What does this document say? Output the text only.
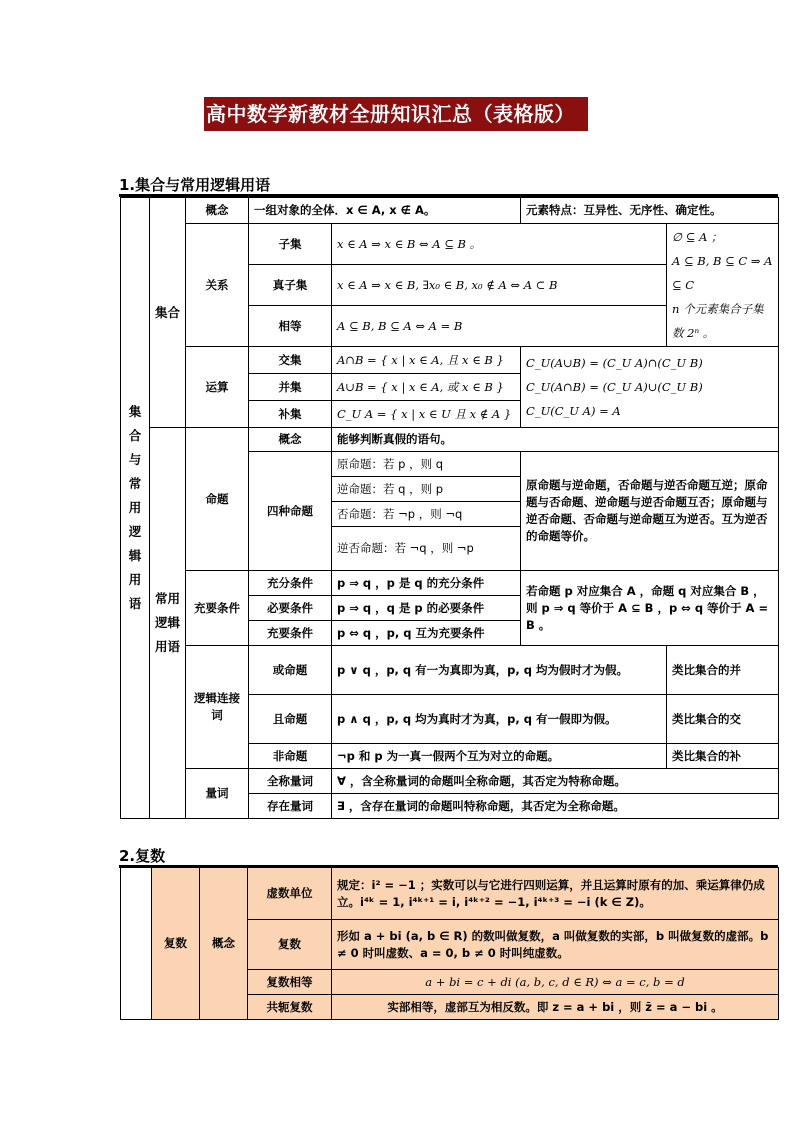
高中数学新教材全册知识汇总（表格版）
1.集合与常用逻辑用语
集合与常用逻辑用语	集合	概念	一组对象的全体．x ∈ A, x ∉ A。		元素特点：互异性、无序性、确定性。	
		关系	子集	x ∈ A ⇒ x ∈ B ⇔ A ⊆ B 。		∅ ⊆ A ；
A ⊆ B, B ⊆ C ⇒ A ⊆ C
n 个元素集合子集数 2ⁿ 。

			真子集	x ∈ A ⇒ x ∈ B, ∃x₀ ∈ B, x₀ ∉ A ⇔ A ⊂ B		
			相等	A ⊆ B, B ⊆ A ⇔ A = B		
		运算	交集	A∩B = { x | x ∈ A, 且 x ∈ B }	C_U(A∪B) = (C_U A)∩(C_U B)
C_U(A∩B) = (C_U A)∪(C_U B)
C_U(C_U A) = A	

			并集	A∪B = { x | x ∈ A, 或 x ∈ B }		
			补集	C_U A = { x | x ∈ U 且 x ∉ A }		
	常用逻辑用语	命题	概念	能够判断真假的语句。		
			四种命题	原命题：若 p ，则 q	原命题与逆命题，否命题与逆否命题互逆；原命题与否命题、逆命题与逆否命题互否；原命题与逆否命题、否命题与逆命题互为逆否。互为逆否的命题等价。	
				逆命题：若 q ，则 p		
				否命题：若 ¬p ，则 ¬q		
				逆否命题：若 ¬q ，则 ¬p		
		充要条件	充分条件	p ⇒ q ，p 是 q 的充分条件	若命题 p 对应集合 A ，命题 q 对应集合 B ，则 p ⇒ q 等价于 A ⊆ B ，p ⇔ q 等价于 A = B 。	
			必要条件	p ⇒ q ，q 是 p 的必要条件		
			充要条件	p ⇔ q ，p, q 互为充要条件		
		逻辑连接词	或命题	p ∨ q ，p, q 有一为真即为真，p, q 均为假时才为假。		类比集合的并
			且命题	p ∧ q ，p, q 均为真时才为真，p, q 有一假即为假。		类比集合的交
			非命题	¬p 和 p 为一真一假两个互为对立的命题。		类比集合的补
		量词	全称量词	∀ ，含全称量词的命题叫全称命题，其否定为特称命题。		
			存在量词	∃ ，含存在量词的命题叫特称命题，其否定为全称命题。		
2.复数
	复数	概念	虚数单位	规定：i² = −1 ；实数可以与它进行四则运算，并且运算时原有的加、乘运算律仍成立。i⁴ᵏ = 1, i⁴ᵏ⁺¹ = i, i⁴ᵏ⁺² = −1, i⁴ᵏ⁺³ = −i (k ∈ Z)。
			复数	形如 a + bi (a, b ∈ R) 的数叫做复数，a 叫做复数的实部，b 叫做复数的虚部。b ≠ 0 时叫虚数、a = 0, b ≠ 0 时叫纯虚数。
			复数相等	a + bi = c + di (a, b, c, d ∈ R) ⇔ a = c, b = d
			共轭复数	实部相等，虚部互为相反数。即 z = a + bi ，则 z̄ = a − bi 。
